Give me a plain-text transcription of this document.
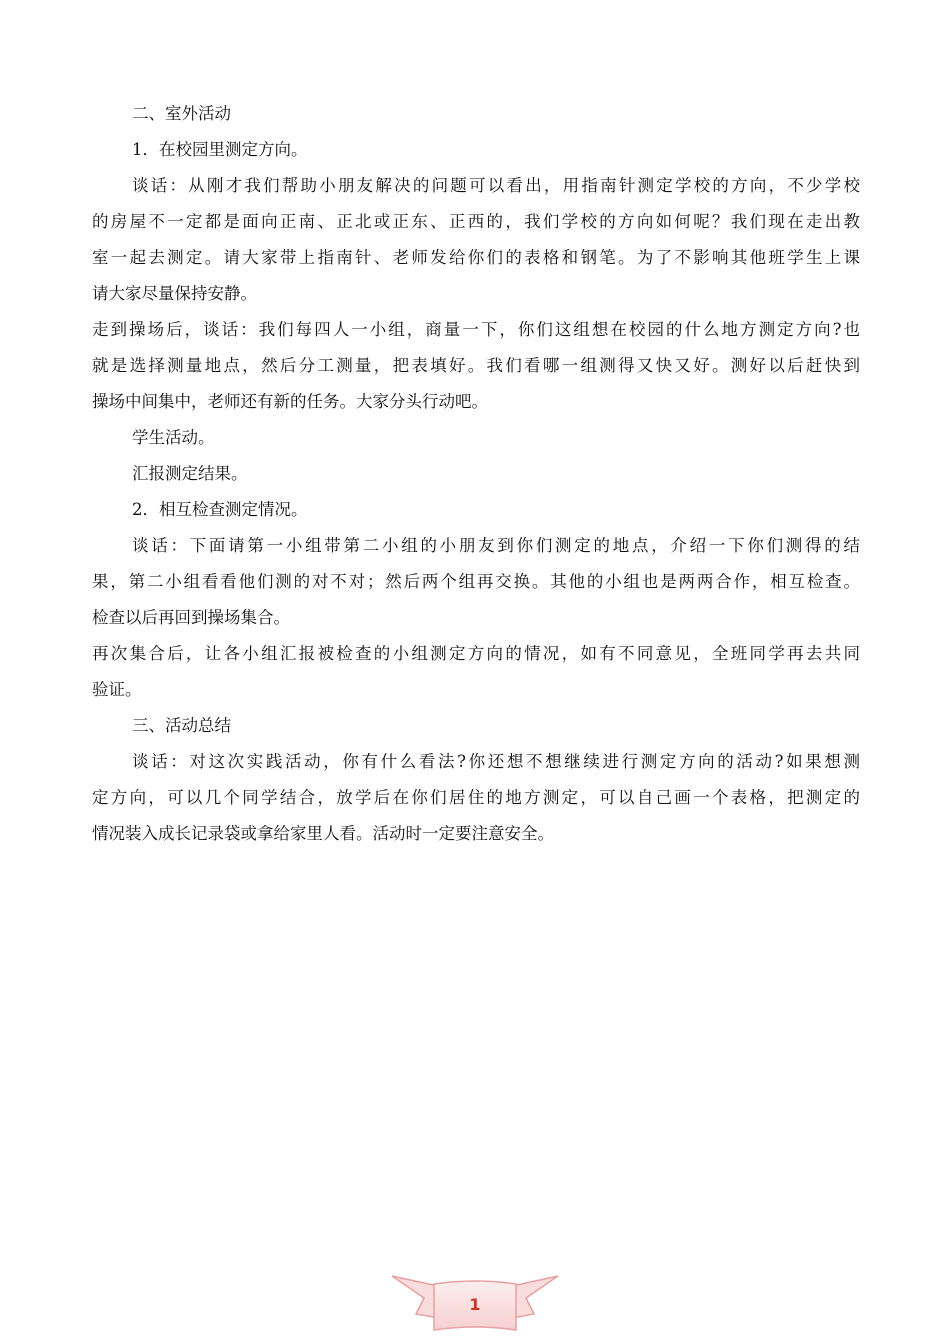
二、室外活动
1．在校园里测定方向。
谈话：从刚才我们帮助小朋友解决的问题可以看出，用指南针测定学校的方向，不少学校
的房屋不一定都是面向正南、正北或正东、正西的，我们学校的方向如何呢？我们现在走出教
室一起去测定。请大家带上指南针、老师发给你们的表格和钢笔。为了不影响其他班学生上课
请大家尽量保持安静。
走到操场后，谈话：我们每四人一小组，商量一下，你们这组想在校园的什么地方测定方向?也
就是选择测量地点，然后分工测量，把表填好。我们看哪一组测得又快又好。测好以后赶快到
操场中间集中，老师还有新的任务。大家分头行动吧。
学生活动。
汇报测定结果。
2．相互检查测定情况。
谈话：下面请第一小组带第二小组的小朋友到你们测定的地点，介绍一下你们测得的结
果，第二小组看看他们测的对不对；然后两个组再交换。其他的小组也是两两合作，相互检查。
检查以后再回到操场集合。
再次集合后，让各小组汇报被检查的小组测定方向的情况，如有不同意见，全班同学再去共同
验证。
三、活动总结
谈话：对这次实践活动，你有什么看法?你还想不想继续进行测定方向的活动?如果想测
定方向，可以几个同学结合，放学后在你们居住的地方测定，可以自己画一个表格，把测定的
情况装入成长记录袋或拿给家里人看。活动时一定要注意安全。
1
